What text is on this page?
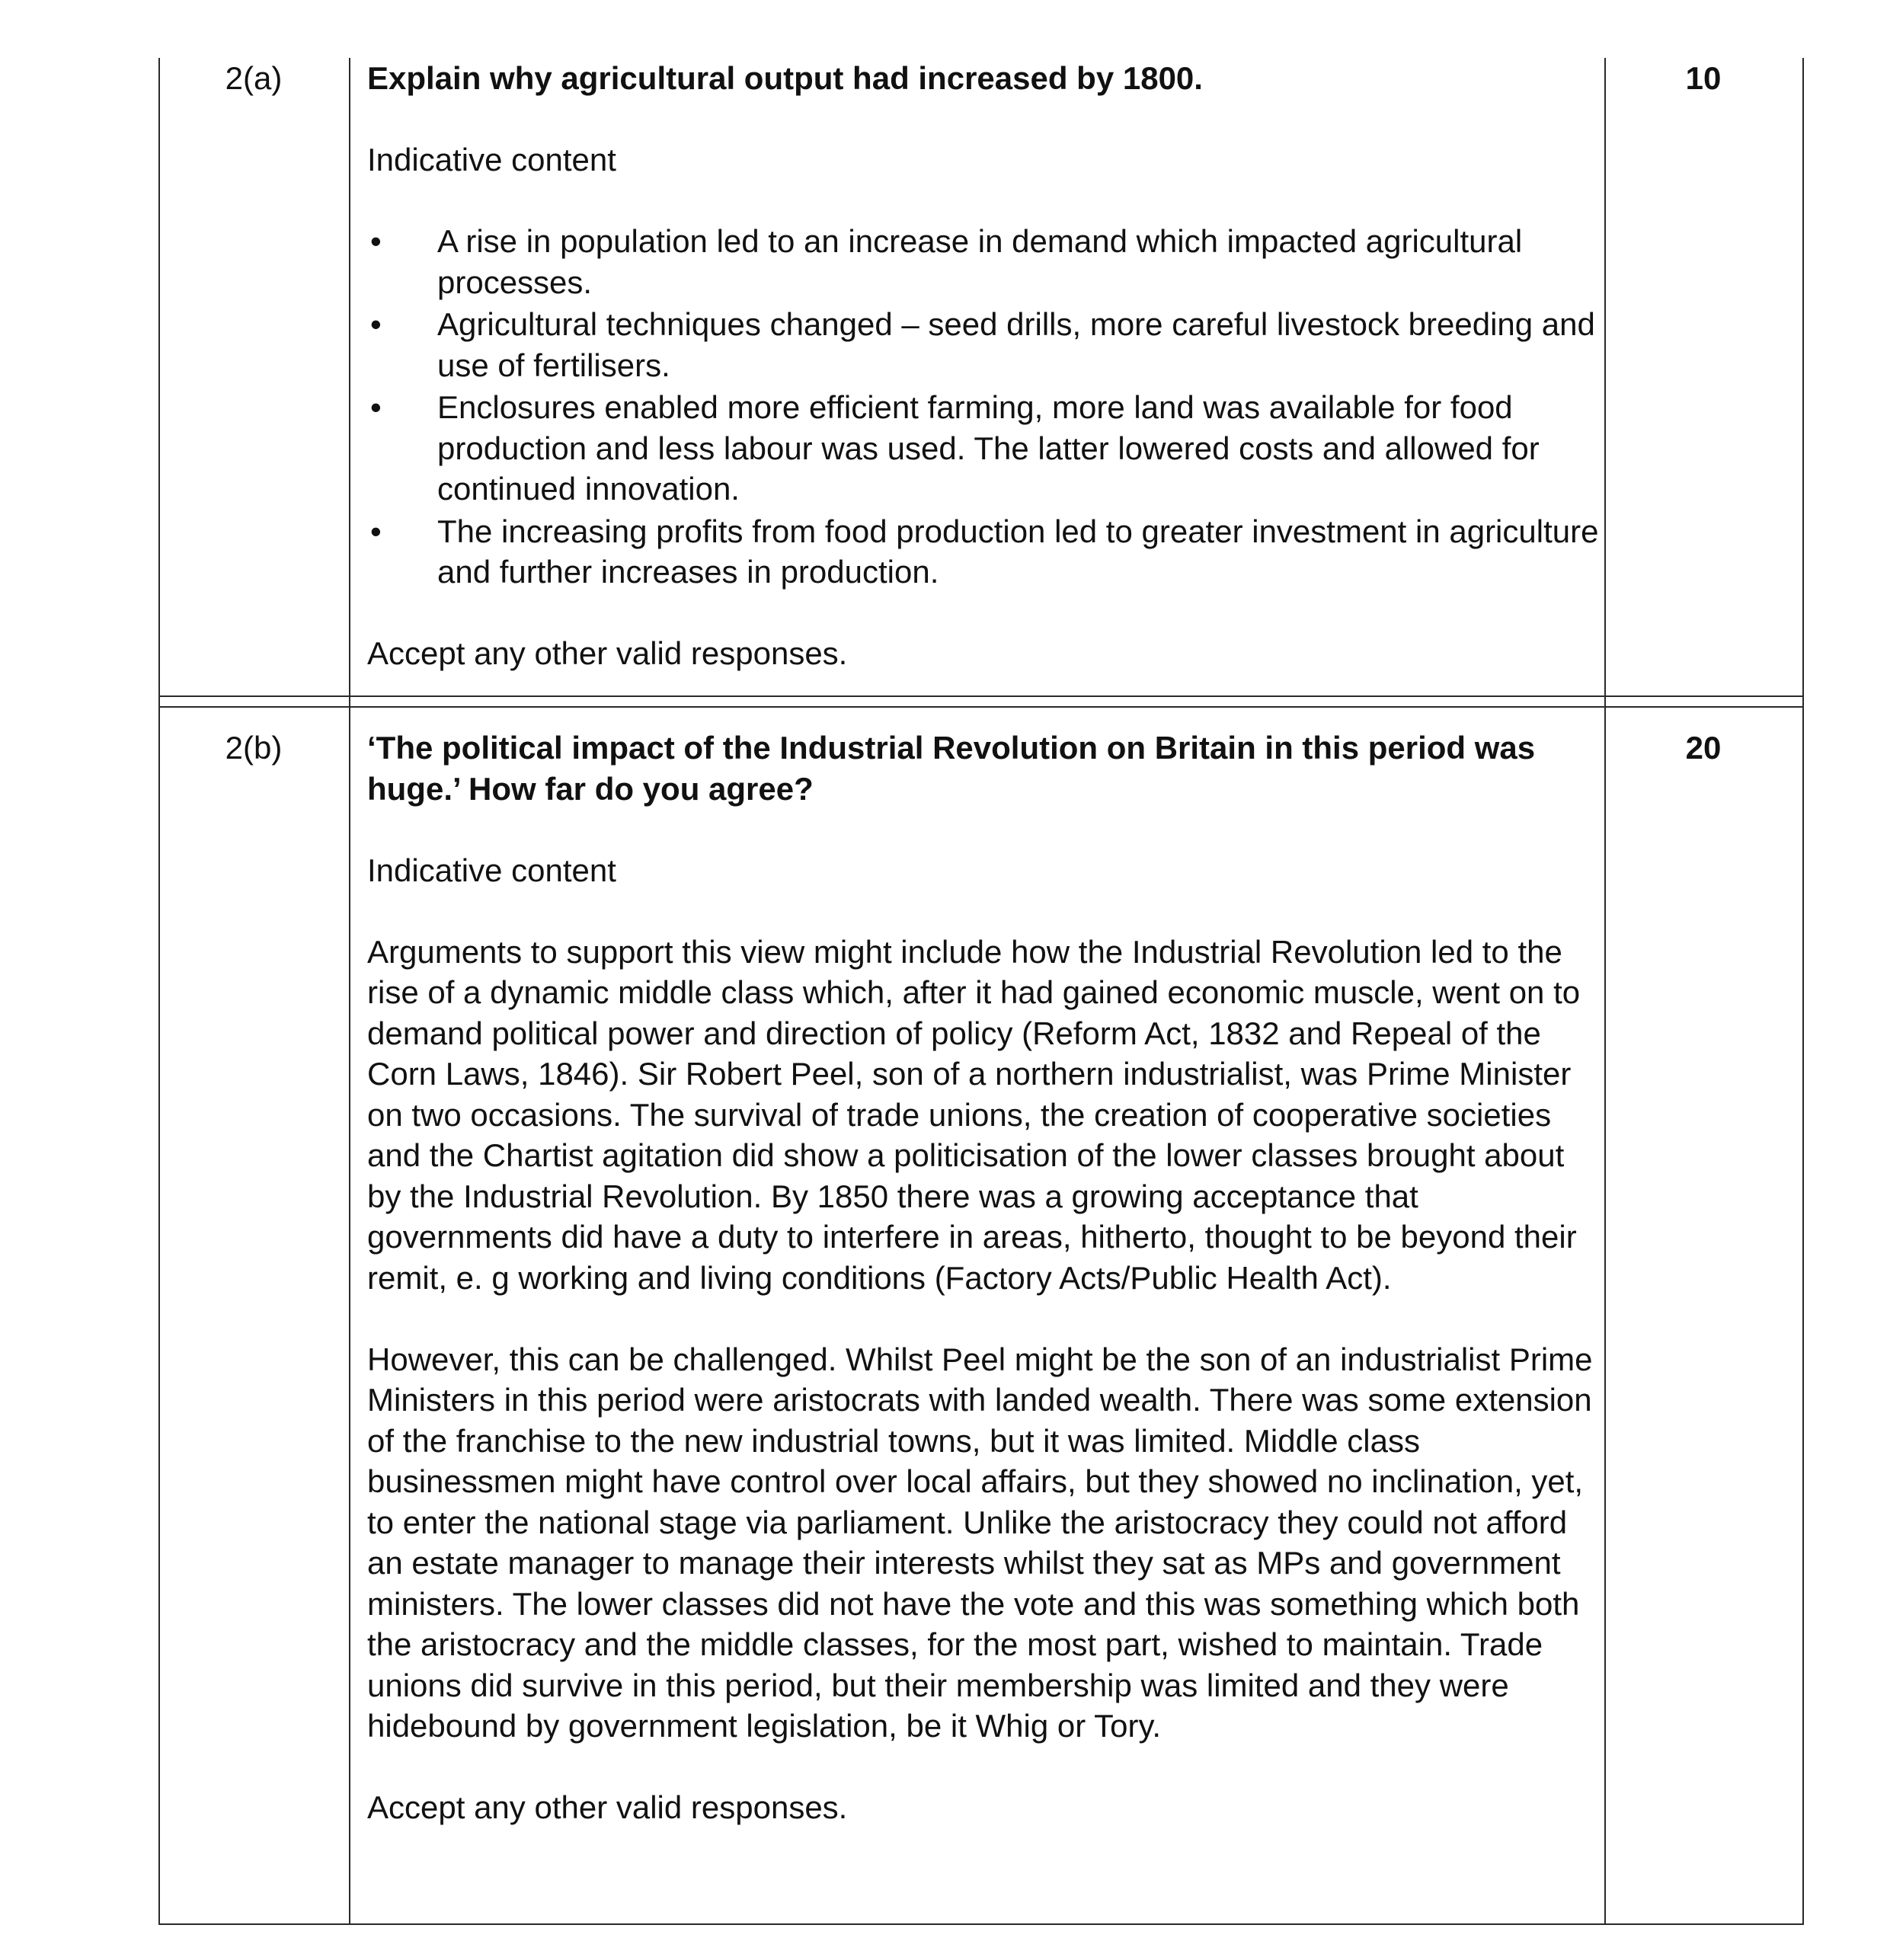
2(a)	Explain why agricultural output had increased by 1800.

Indicative content

•	A rise in population led to an increase in demand which impacted agricultural processes.
•	Agricultural techniques changed – seed drills, more careful livestock breeding and use of fertilisers.
•	Enclosures enabled more efficient farming, more land was available for food production and less labour was used. The latter lowered costs and allowed for continued innovation.
•	The increasing profits from food production led to greater investment in agriculture and further increases in production.

Accept any other valid responses.

10
2(b)	‘The political impact of the Industrial Revolution on Britain in this period was huge.’ How far do you agree?

Indicative content

Arguments to support this view might include how the Industrial Revolution led to the rise of a dynamic middle class which, after it had gained economic muscle, went on to demand political power and direction of policy (Reform Act, 1832 and Repeal of the Corn Laws, 1846). Sir Robert Peel, son of a northern industrialist, was Prime Minister on two occasions. The survival of trade unions, the creation of cooperative societies and the Chartist agitation did show a politicisation of the lower classes brought about by the Industrial Revolution. By 1850 there was a growing acceptance that governments did have a duty to interfere in areas, hitherto, thought to be beyond their remit, e. g working and living conditions (Factory Acts/Public Health Act).

However, this can be challenged. Whilst Peel might be the son of an industrialist Prime Ministers in this period were aristocrats with landed wealth. There was some extension of the franchise to the new industrial towns, but it was limited. Middle class businessmen might have control over local affairs, but they showed no inclination, yet, to enter the national stage via parliament. Unlike the aristocracy they could not afford an estate manager to manage their interests whilst they sat as MPs and government ministers. The lower classes did not have the vote and this was something which both the aristocracy and the middle classes, for the most part, wished to maintain. Trade unions did survive in this period, but their membership was limited and they were hidebound by government legislation, be it Whig or Tory.

Accept any other valid responses.

20
